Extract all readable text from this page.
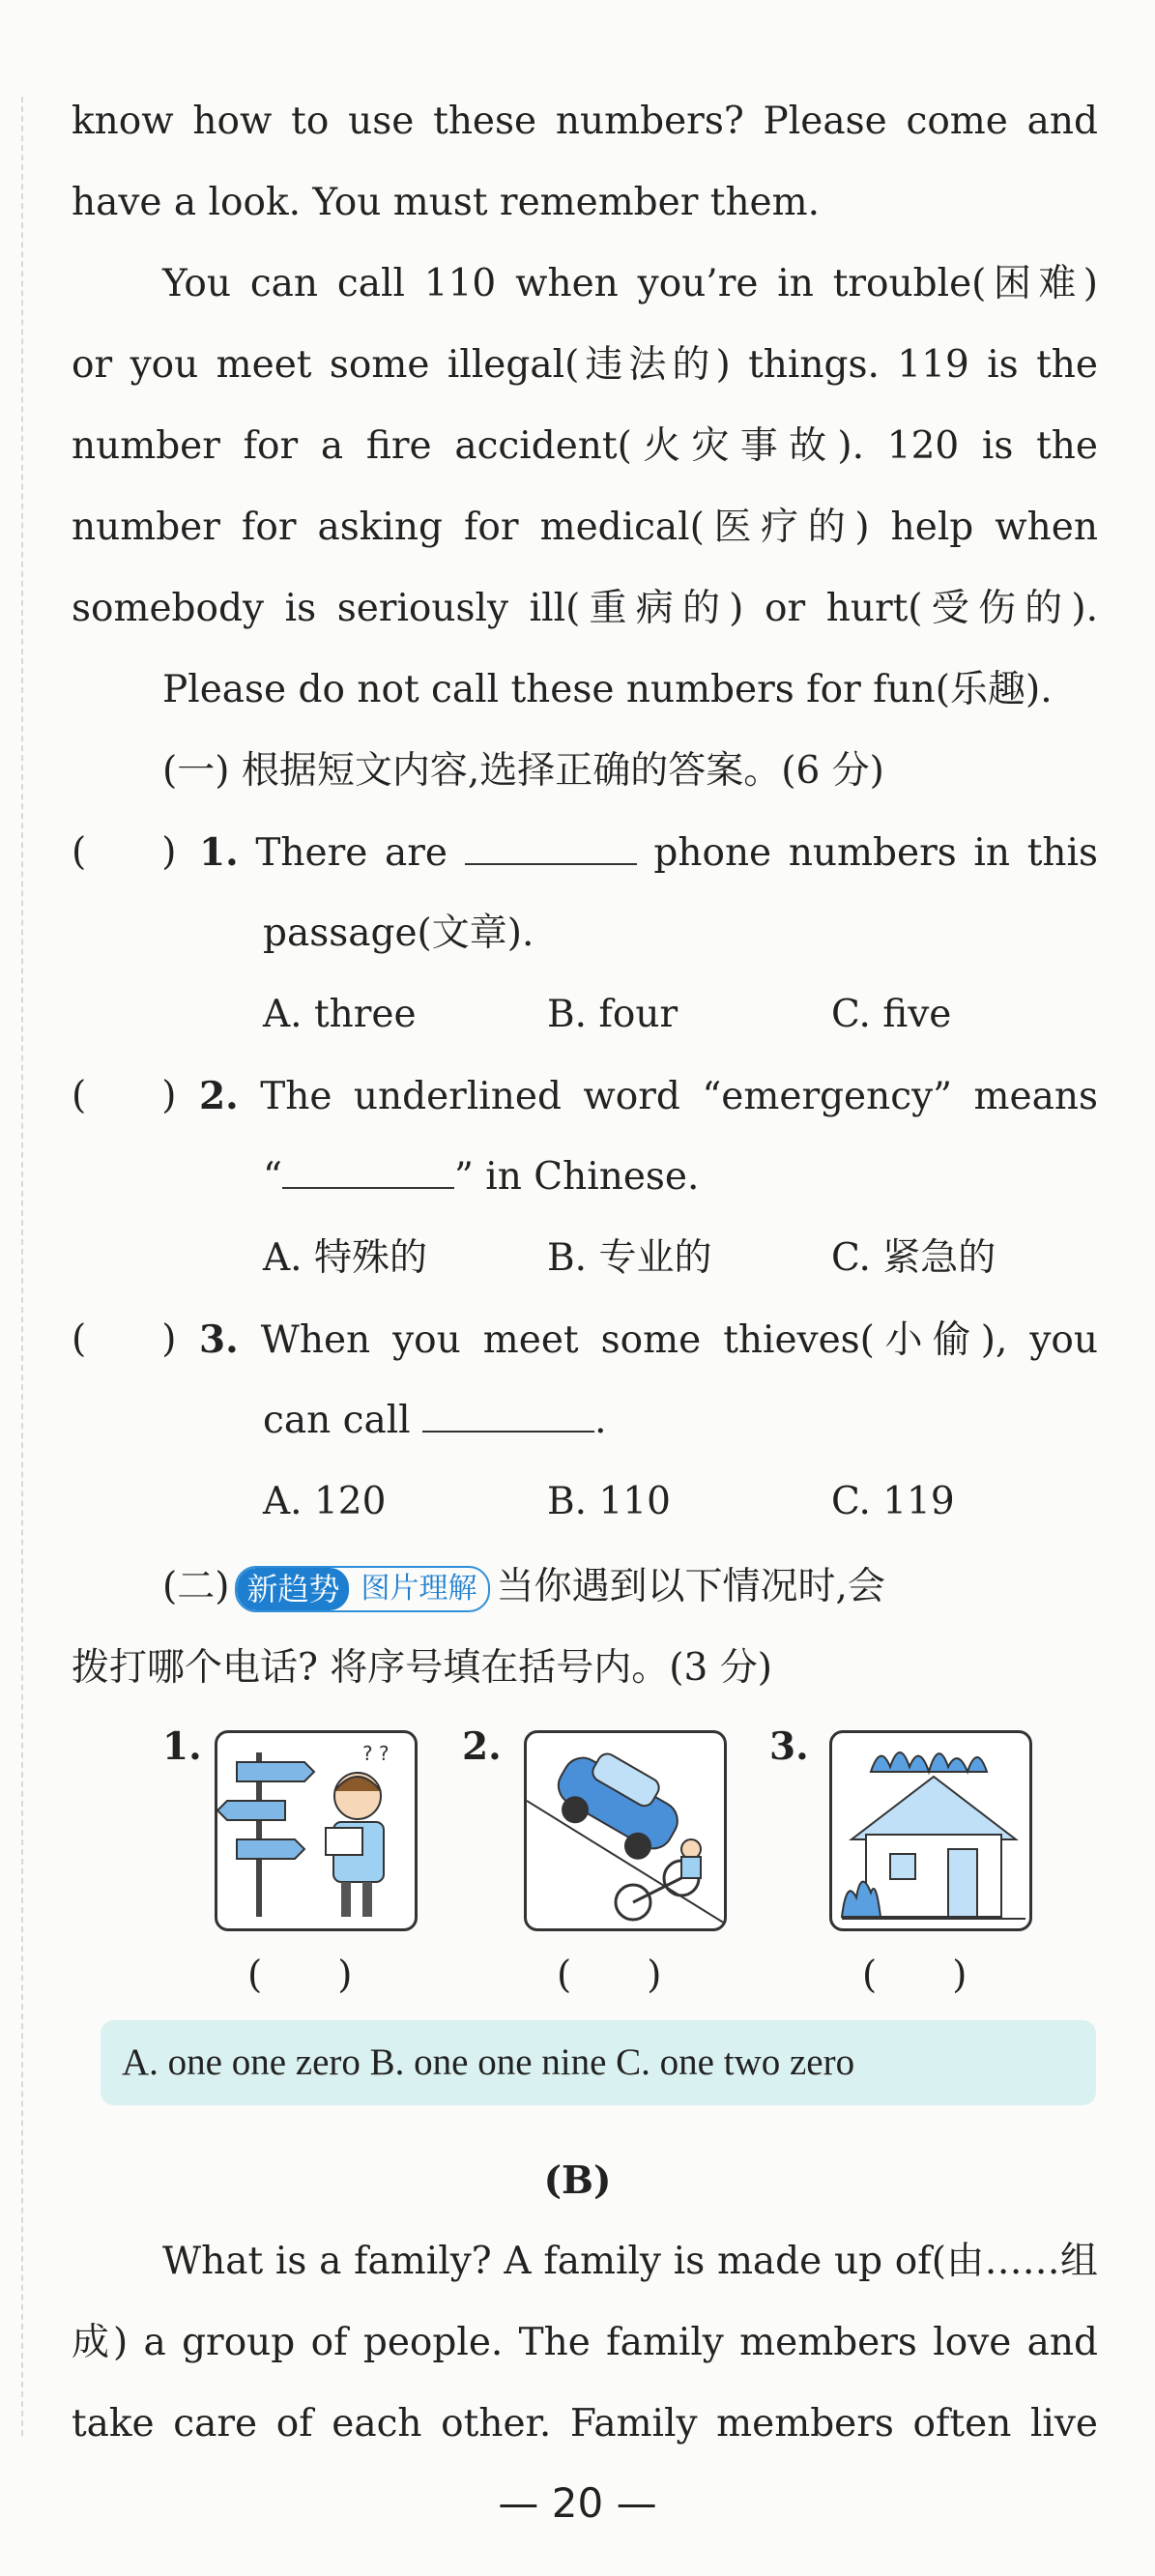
know how to use these numbers? Please come and
have a look. You must remember them.
You can call 110 when you’re in trouble(困难)
or you meet some illegal(违法的) things. 119 is the
number for a fire accident(火灾事故). 120 is the
number for asking for medical(医疗的) help when
somebody is seriously ill(重病的) or hurt(受伤的).
Please do not call these numbers for fun(乐趣).
(一) 根据短文内容,选择正确的答案。(6 分)
(　　) 1. There are	phone numbers in this
passage(文章).
A. three	B. four	C. five
(　　) 2. The underlined word “emergency” means
“	” in Chinese.
A. 特殊的	B. 专业的	C. 紧急的
(　　) 3. When you meet some thieves(小偷), you
can call	.
A. 120	B. 110	C. 119
(二) 新趋势 图片理解 当你遇到以下情况时,会
拨打哪个电话? 将序号填在括号内。(3 分)
1.	? ?
(　　)
2.
(　　)
3.
(　　)
A. one one zero B. one one nine C. one two zero
(B)
What is a family? A family is made up of(由……组
成) a group of people. The family members love and
take care of each other. Family members often live
— 20 —
